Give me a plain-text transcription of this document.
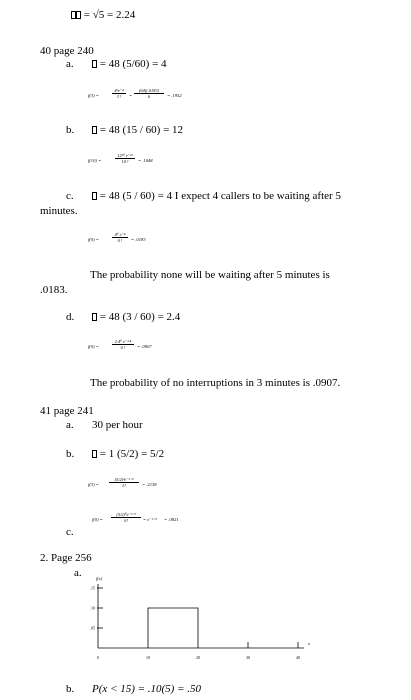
= √5 = 2.24
40 page 240
a.	= 48 (5/60) = 4
f(3) =
4³e⁻⁴
3 !	=
(64)(.0183)
6	= .1952
b.	= 48 (15 / 60) = 12
f(10) =
12¹⁰ e⁻¹²
10 !	= .1048
c.	= 48 (5 / 60) = 4 I expect 4 callers to be waiting after 5
minutes.
f(0) =
4⁰ e⁻⁴
0 !	= .0183
The probability none will be waiting after 5 minutes is
.0183.
d.	= 48 (3 / 60) = 2.4
f(0) =
2.4⁰ e⁻²·⁴
0 !	= .0907
The probability of no interruptions in 3 minutes is .0907.
41 page 241
a. 30 per hour
b.	= 1 (5/2) = 5/2
f(3) =
(5/2)³e⁻⁵ᐟ²
3!	= .2138
c.
f(0) =
(5/2)⁰e⁻⁵ᐟ²
0!	= e⁻⁵ᐟ² = .0821
2. Page 256
a.	f(x)
x
.15
.10
.05
0	10	20	30	40
b. P(x < 15) = .10(5) = .50
